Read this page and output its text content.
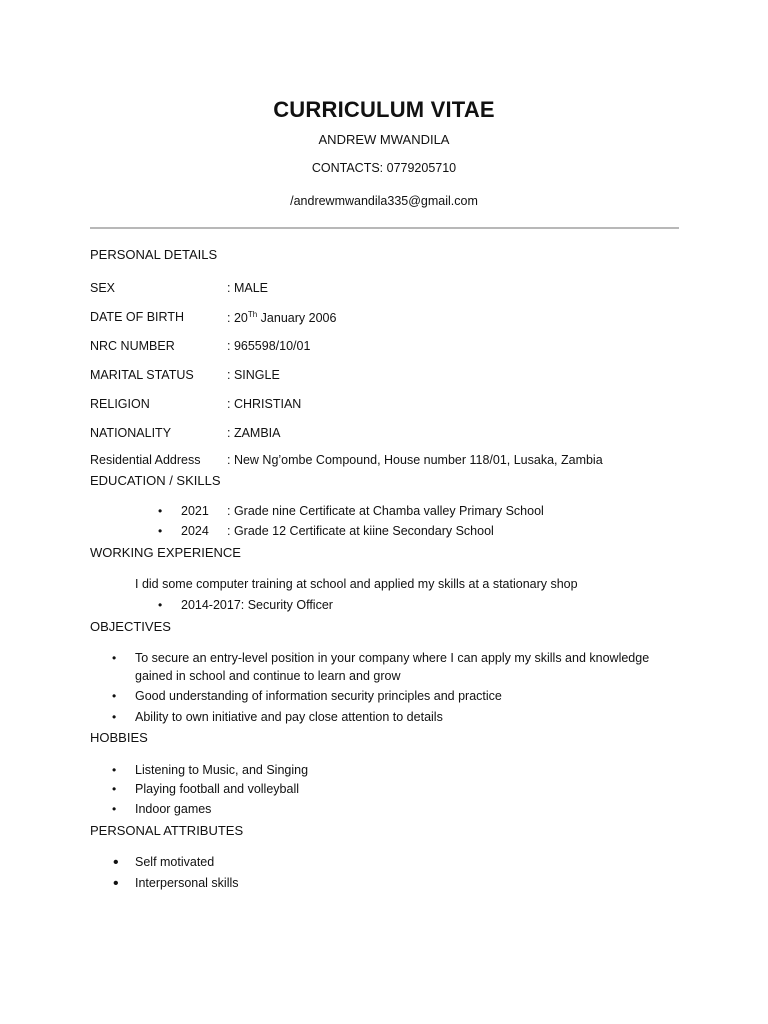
CURRICULUM VITAE
ANDREW MWANDILA
CONTACTS: 0779205710
/andrewmwandila335@gmail.com
PERSONAL DETAILS
SEX	: MALE
DATE OF BIRTH	: 20Th January 2006
NRC NUMBER	: 965598/10/01
MARITAL STATUS	: SINGLE
RELIGION	: CHRISTIAN
NATIONALITY	: ZAMBIA
Residential Address : New Ng’ombe Compound, House number 118/01, Lusaka, Zambia
EDUCATION / SKILLS
• 2021 : Grade nine Certificate at Chamba valley Primary School
• 2024 : Grade 12 Certificate at kiine Secondary School
WORKING EXPERIENCE
I did some computer training at school and applied my skills at a stationary shop
• 2014-2017: Security Officer
OBJECTIVES
• To secure an entry-level position in your company where I can apply my skills and knowledge gained in school and continue to learn and grow
• Good understanding of information security principles and practice
• Ability to own initiative and pay close attention to details
HOBBIES
• Listening to Music, and Singing
• Playing football and volleyball
• Indoor games
PERSONAL ATTRIBUTES
• Self motivated
• Interpersonal skills
